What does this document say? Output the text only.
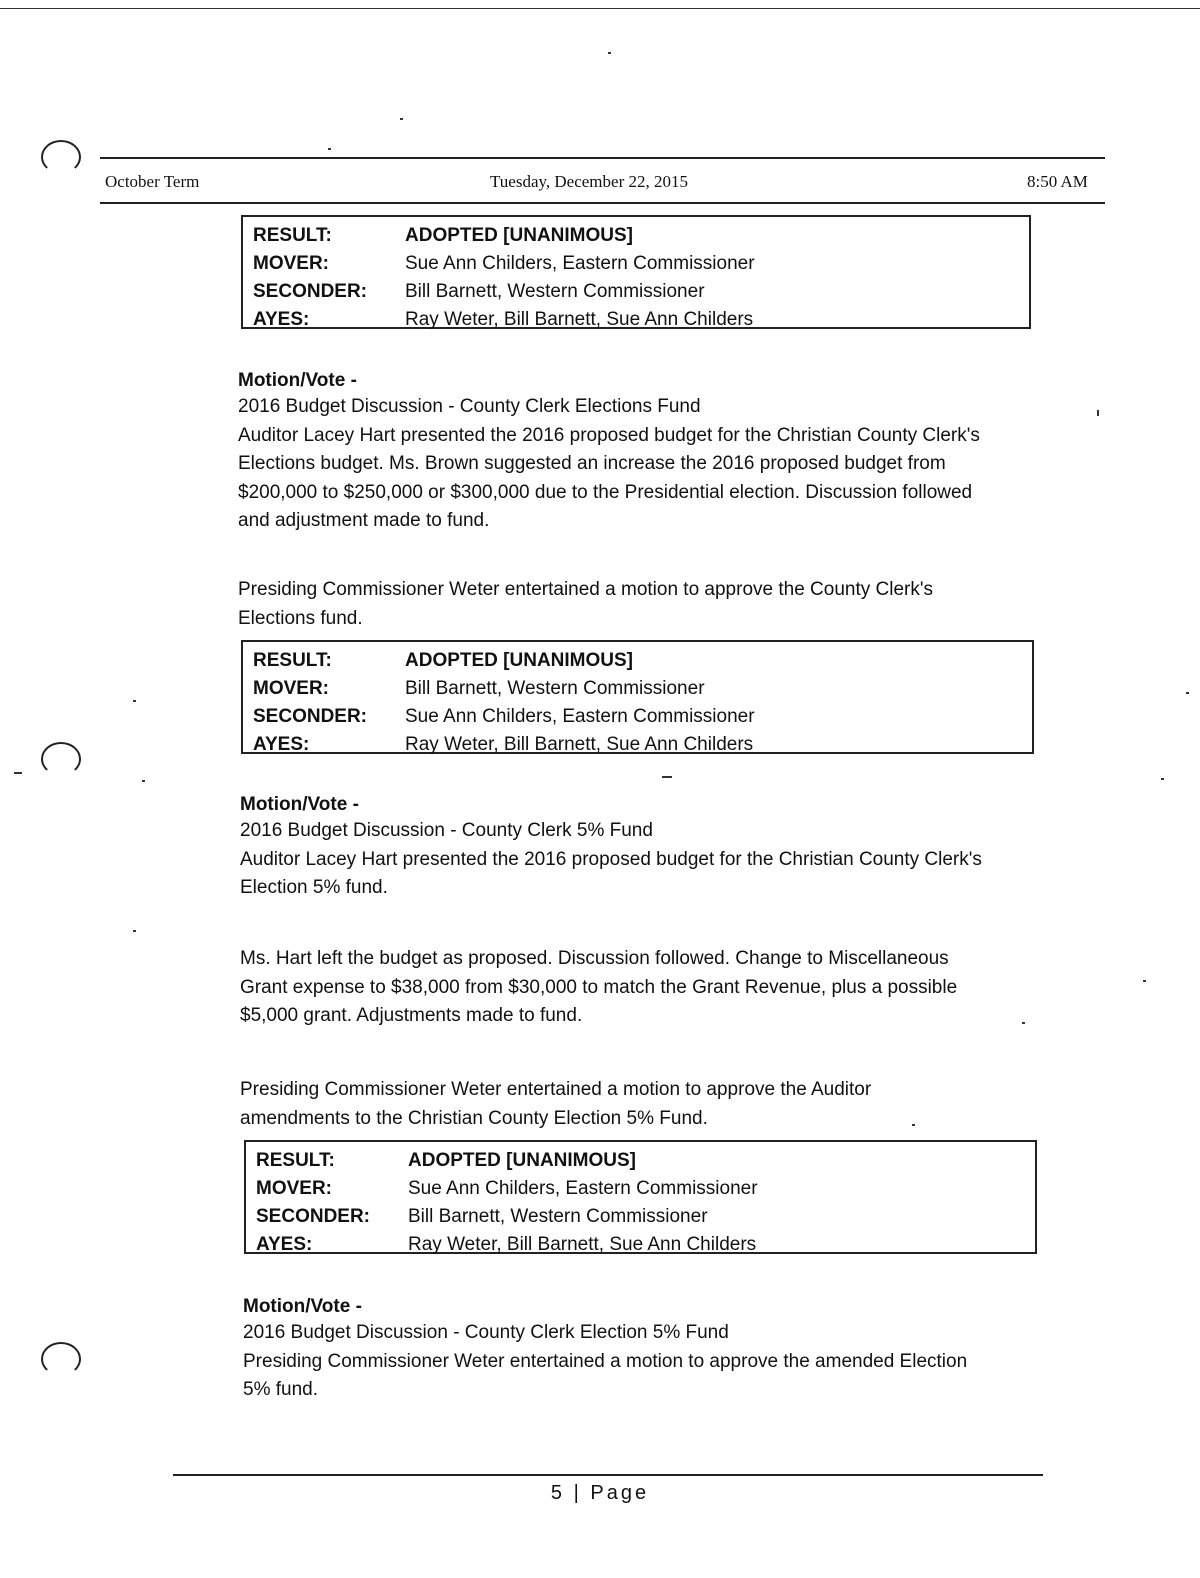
October Term	Tuesday, December 22, 2015	8:50 AM
RESULT:	ADOPTED [UNANIMOUS]
MOVER:	Sue Ann Childers, Eastern Commissioner
SECONDER: Bill Barnett, Western Commissioner
AYES:	Ray Weter, Bill Barnett, Sue Ann Childers
Motion/Vote -
2016 Budget Discussion - County Clerk Elections Fund
Auditor Lacey Hart presented the 2016 proposed budget for the Christian County Clerk's
Elections budget. Ms. Brown suggested an increase the 2016 proposed budget from
$200,000 to $250,000 or $300,000 due to the Presidential election. Discussion followed
and adjustment made to fund.
Presiding Commissioner Weter entertained a motion to approve the County Clerk's
Elections fund.
RESULT:	ADOPTED [UNANIMOUS]
MOVER:	Bill Barnett, Western Commissioner
SECONDER: Sue Ann Childers, Eastern Commissioner
AYES:	Ray Weter, Bill Barnett, Sue Ann Childers
Motion/Vote -
2016 Budget Discussion - County Clerk 5% Fund
Auditor Lacey Hart presented the 2016 proposed budget for the Christian County Clerk's
Election 5% fund.
Ms. Hart left the budget as proposed. Discussion followed. Change to Miscellaneous
Grant expense to $38,000 from $30,000 to match the Grant Revenue, plus a possible
$5,000 grant. Adjustments made to fund.
Presiding Commissioner Weter entertained a motion to approve the Auditor
amendments to the Christian County Election 5% Fund.
RESULT:	ADOPTED [UNANIMOUS]
MOVER:	Sue Ann Childers, Eastern Commissioner
SECONDER: Bill Barnett, Western Commissioner
AYES:	Ray Weter, Bill Barnett, Sue Ann Childers
Motion/Vote -
2016 Budget Discussion - County Clerk Election 5% Fund
Presiding Commissioner Weter entertained a motion to approve the amended Election
5% fund.
5 | Page
